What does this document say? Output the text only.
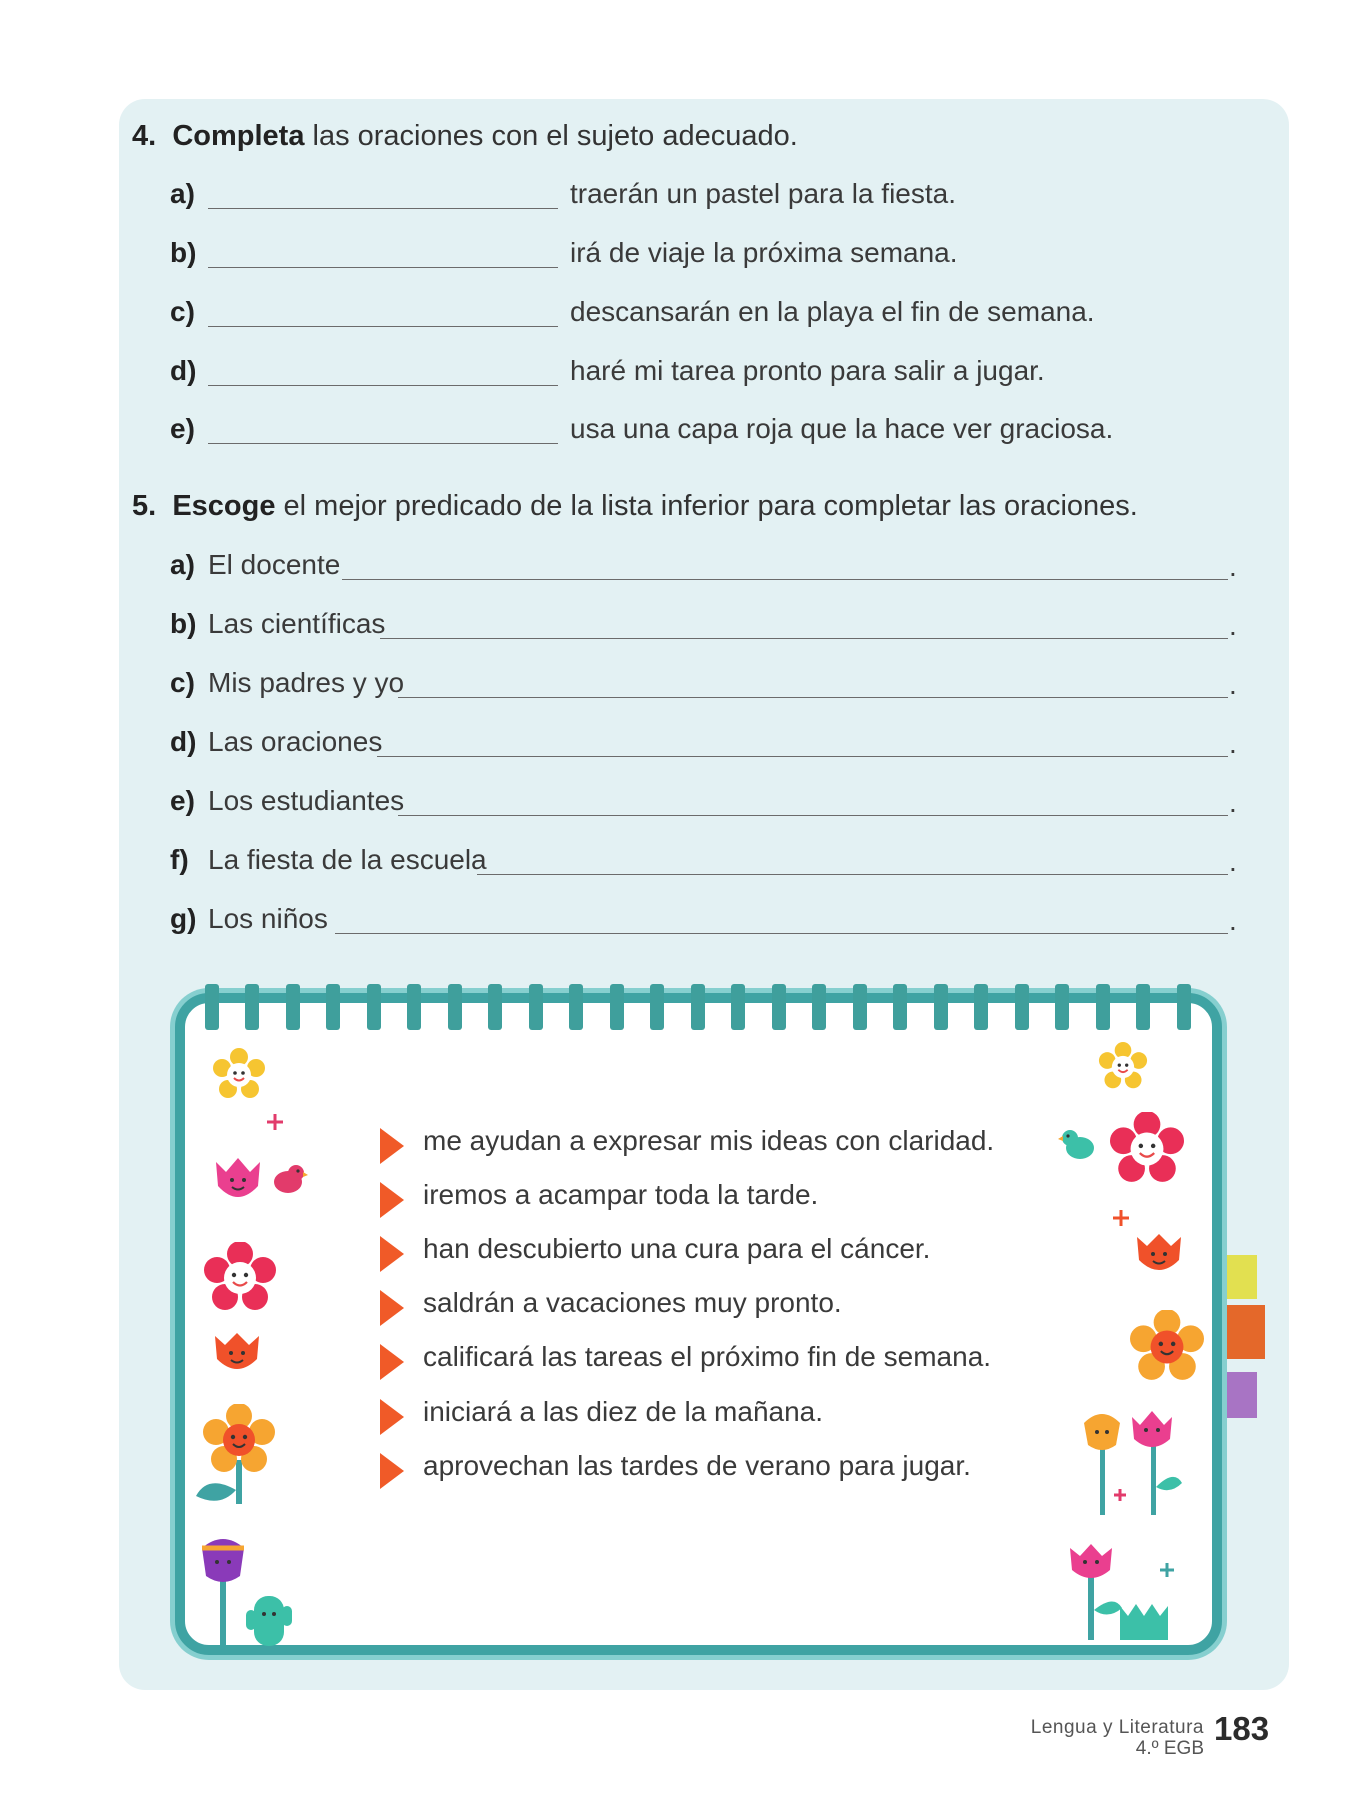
4. Completa las oraciones con el sujeto adecuado.
a)	traerán un pastel para la fiesta.
b)	irá de viaje la próxima semana.
c)	descansarán en la playa el fin de semana.
d)	haré mi tarea pronto para salir a jugar.
e)	usa una capa roja que la hace ver graciosa.
5. Escoge el mejor predicado de la lista inferior para completar las oraciones.
a) El docente	.
b) Las científicas	.
c) Mis padres y yo	.
d) Las oraciones	.
e) Los estudiantes	.
f) La fiesta de la escuela	.
g) Los niños	.
me ayudan a expresar mis ideas con claridad.
iremos a acampar toda la tarde.
han descubierto una cura para el cáncer.
saldrán a vacaciones muy pronto.
calificará las tareas el próximo fin de semana.
iniciará a las diez de la mañana.
aprovechan las tardes de verano para jugar.
Lengua y Literatura
4.º EGB
183
